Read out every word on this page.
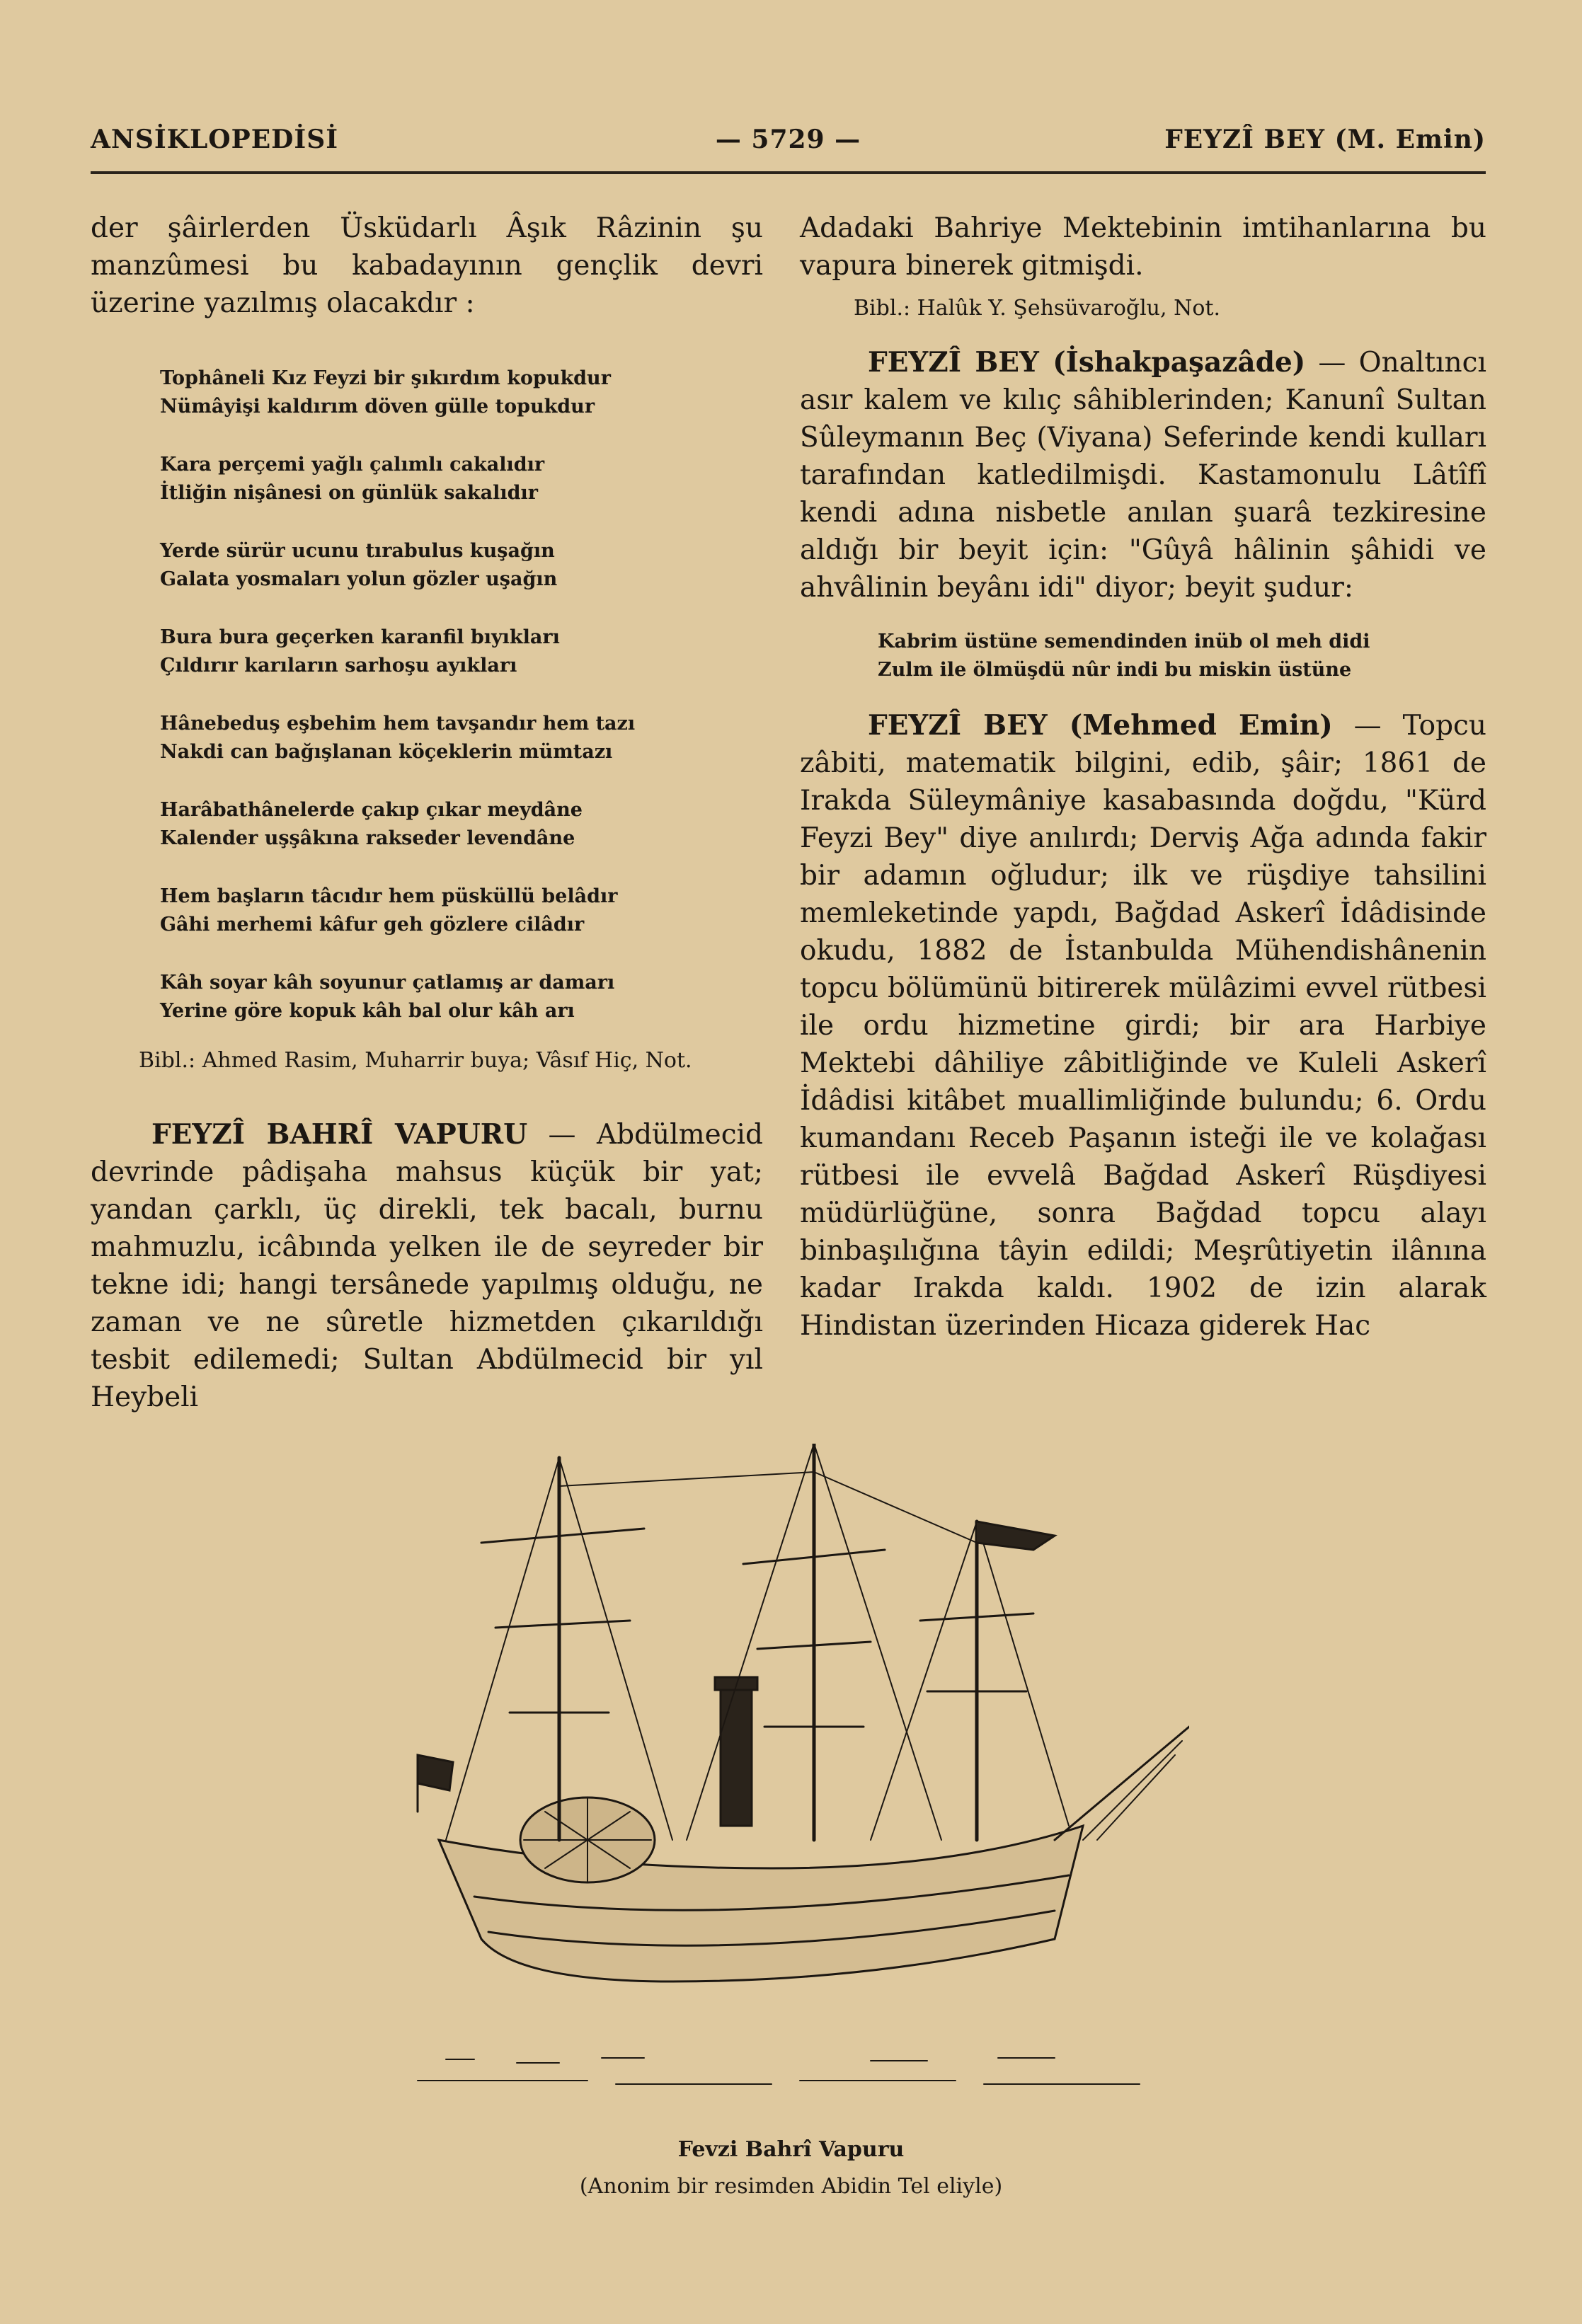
ANSİKLOPEDİSİ	— 5729 —	FEYZÎ BEY (M. Emin)

der şâirlerden Üsküdarlı Âşık Râzinin şu manzûmesi bu kabadayının gençlik devri üzerine yazılmış olacakdır :

Tophâneli Kız Feyzi bir şıkırdım kopukdur
Nümâyişi kaldırım döven gülle topukdur
Kara perçemi yağlı çalımlı cakalıdır
İtliğin nişânesi on günlük sakalıdır
Yerde sürür ucunu tırabulus kuşağın
Galata yosmaları yolun gözler uşağın
Bura bura geçerken karanfil bıyıkları
Çıldırır karıların sarhoşu ayıkları
Hânebeduş eşbehim hem tavşandır hem tazı
Nakdi can bağışlanan köçeklerin mümtazı
Harâbathânelerde çakıp çıkar meydâne
Kalender uşşâkına rakseder levendâne
Hem başların tâcıdır hem püsküllü belâdır
Gâhi merhemi kâfur geh gözlere cilâdır
Kâh soyar kâh soyunur çatlamış ar damarı
Yerine göre kopuk kâh bal olur kâh arı

Bibl.: Ahmed Rasim, Muharrir buya; Vâsıf Hiç, Not.

FEYZÎ BAHRÎ VAPURU — Abdülmecid devrinde pâdişaha mahsus küçük bir yat; yandan çarklı, üç direkli, tek bacalı, burnu mahmuzlu, icâbında yelken ile de seyreder bir tekne idi; hangi tersânede yapılmış olduğu, ne zaman ve ne sûretle hizmetden çıkarıldığı tesbit edilemedi; Sultan Abdülmecid bir yıl Heybeli

Adadaki Bahriye Mektebinin imtihanlarına bu vapura binerek gitmişdi.

Bibl.: Halûk Y. Şehsüvaroğlu, Not.

FEYZÎ BEY (İshakpaşazâde) — Onaltıncı asır kalem ve kılıç sâhiblerinden; Kanunî Sultan Sûleymanın Beç (Viyana) Seferinde kendi kulları tarafından katledilmişdi. Kastamonulu Lâtîfî kendi adına nisbetle anılan şuarâ tezkiresine aldığı bir beyit için: "Gûyâ hâlinin şâhidi ve ahvâlinin beyânı idi" diyor; beyit şudur:

Kabrim üstüne semendinden inüb ol meh didi
Zulm ile ölmüşdü nûr indi bu miskin üstüne

FEYZÎ BEY (Mehmed Emin) — Topcu zâbiti, matematik bilgini, edib, şâir; 1861 de Irakda Süleymâniye kasabasında doğdu, "Kürd Feyzi Bey" diye anılırdı; Derviş Ağa adında fakir bir adamın oğludur; ilk ve rüşdiye tahsilini memleketinde yapdı, Bağdad Askerî İdâdisinde okudu, 1882 de İstanbulda Mühendishânenin topcu bölümünü bitirerek mülâzimi evvel rütbesi ile ordu hizmetine girdi; bir ara Harbiye Mektebi dâhiliye zâbitliğinde ve Kuleli Askerî İdâdisi kitâbet muallimliğinde bulundu; 6. Ordu kumandanı Receb Paşanın isteği ile ve kolağası rütbesi ile evvelâ Bağdad Askerî Rüşdiyesi müdürlüğüne, sonra Bağdad topcu alayı binbaşılığına tâyin edildi; Meşrûtiyetin ilânına kadar Irakda kaldı. 1902 de izin alarak Hindistan üzerinden Hicaza giderek Hac

Fevzi Bahrî Vapuru
(Anonim bir resimden Abidin Tel eliyle)
